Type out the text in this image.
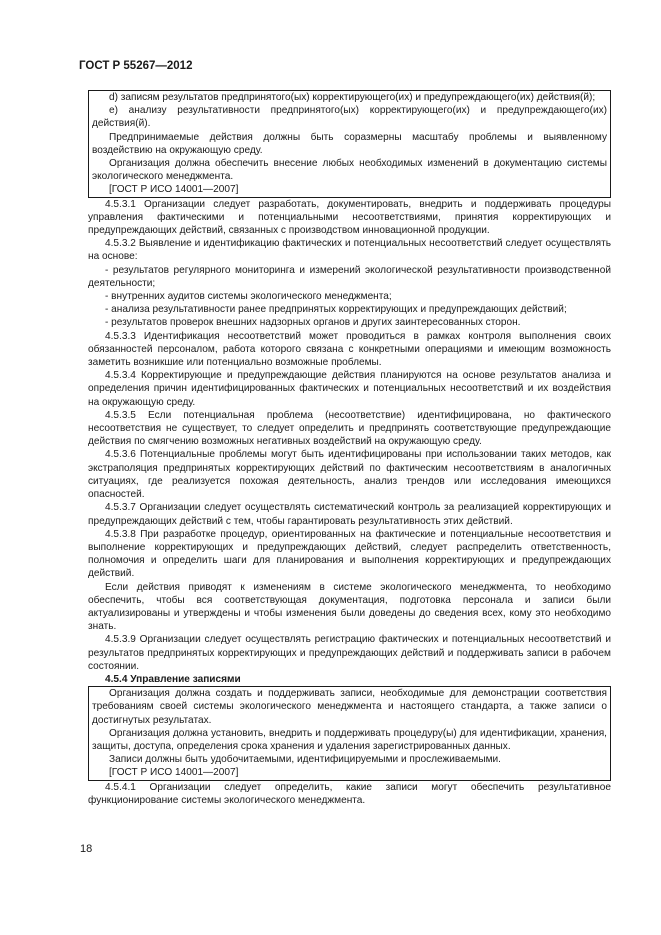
ГОСТ Р 55267—2012

d) записям результатов предпринятого(ых) корректирующего(их) и предупреждающего(их) действия(й);

e) анализу результативности предпринятого(ых) корректирующего(их) и предупреждающего(их) действия(й).

Предпринимаемые действия должны быть соразмерны масштабу проблемы и выявленному воздействию на окружающую среду.

Организация должна обеспечить внесение любых необходимых изменений в документацию системы экологического менеджмента.

[ГОСТ Р ИСО 14001—2007]

4.5.3.1 Организации следует разработать, документировать, внедрить и поддерживать процедуры управления фактическими и потенциальными несоответствиями, принятия корректирующих и предупреждающих действий, связанных с производством инновационной продукции.

4.5.3.2 Выявление и идентификацию фактических и потенциальных несоответствий следует осуществлять на основе:

- результатов регулярного мониторинга и измерений экологической результативности производственной деятельности;

- внутренних аудитов системы экологического менеджмента;

- анализа результативности ранее предпринятых корректирующих и предупреждающих действий;

- результатов проверок внешних надзорных органов и других заинтересованных сторон.

4.5.3.3 Идентификация несоответствий может проводиться в рамках контроля выполнения своих обязанностей персоналом, работа которого связана с конкретными операциями и имеющим возможность заметить возникшие или потенциально возможные проблемы.

4.5.3.4 Корректирующие и предупреждающие действия планируются на основе результатов анализа и определения причин идентифицированных фактических и потенциальных несоответствий и их воздействия на окружающую среду.

4.5.3.5 Если потенциальная проблема (несоответствие) идентифицирована, но фактического несоответствия не существует, то следует определить и предпринять соответствующие предупреждающие действия по смягчению возможных негативных воздействий на окружающую среду.

4.5.3.6 Потенциальные проблемы могут быть идентифицированы при использовании таких методов, как экстраполяция предпринятых корректирующих действий по фактическим несоответствиям в аналогичных ситуациях, где реализуется похожая деятельность, анализ трендов или исследования имеющихся опасностей.

4.5.3.7 Организации следует осуществлять систематический контроль за реализацией корректирующих и предупреждающих действий с тем, чтобы гарантировать результативность этих действий.

4.5.3.8 При разработке процедур, ориентированных на фактические и потенциальные несоответствия и выполнение корректирующих и предупреждающих действий, следует распределить ответственность, полномочия и определить шаги для планирования и выполнения корректирующих и предупреждающих действий.

Если действия приводят к изменениям в системе экологического менеджмента, то необходимо обеспечить, чтобы вся соответствующая документация, подготовка персонала и записи были актуализированы и утверждены и чтобы изменения были доведены до сведения всех, кому это необходимо знать.

4.5.3.9 Организации следует осуществлять регистрацию фактических и потенциальных несоответствий и результатов предпринятых корректирующих и предупреждающих действий и поддерживать записи в рабочем состоянии.

4.5.4 Управление записями

Организация должна создать и поддерживать записи, необходимые для демонстрации соответствия требованиям своей системы экологического менеджмента и настоящего стандарта, а также записи о достигнутых результатах.

Организация должна установить, внедрить и поддерживать процедуру(ы) для идентификации, хранения, защиты, доступа, определения срока хранения и удаления зарегистрированных данных.

Записи должны быть удобочитаемыми, идентифицируемыми и прослеживаемыми.

[ГОСТ Р ИСО 14001—2007]

4.5.4.1 Организации следует определить, какие записи могут обеспечить результативное функционирование системы экологического менеджмента.

18
